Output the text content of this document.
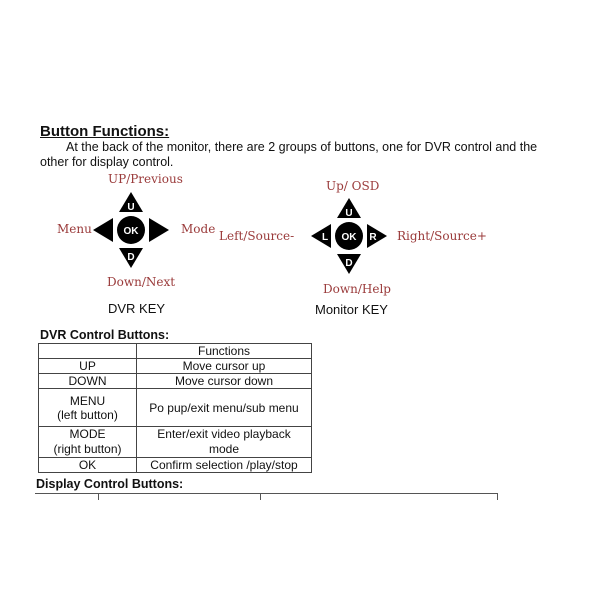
Button Functions:
At the back of the monitor, there are 2 groups of buttons, one for DVR control and the other for display control.
UP/Previous
Menu	Mode
Down/Next
DVR KEY
U
D
OK
Up/ OSD
Left/Source-	Right/Source+
Down/Help
Monitor KEY
U
D
L	R
OK
DVR Control Buttons:
	Functions
UP	Move cursor up
DOWN	Move cursor down
MENU
(left button)	Po pup/exit menu/sub menu
MODE
(right button)	Enter/exit video playback mode
OK	Confirm selection /play/stop
Display Control Buttons:
